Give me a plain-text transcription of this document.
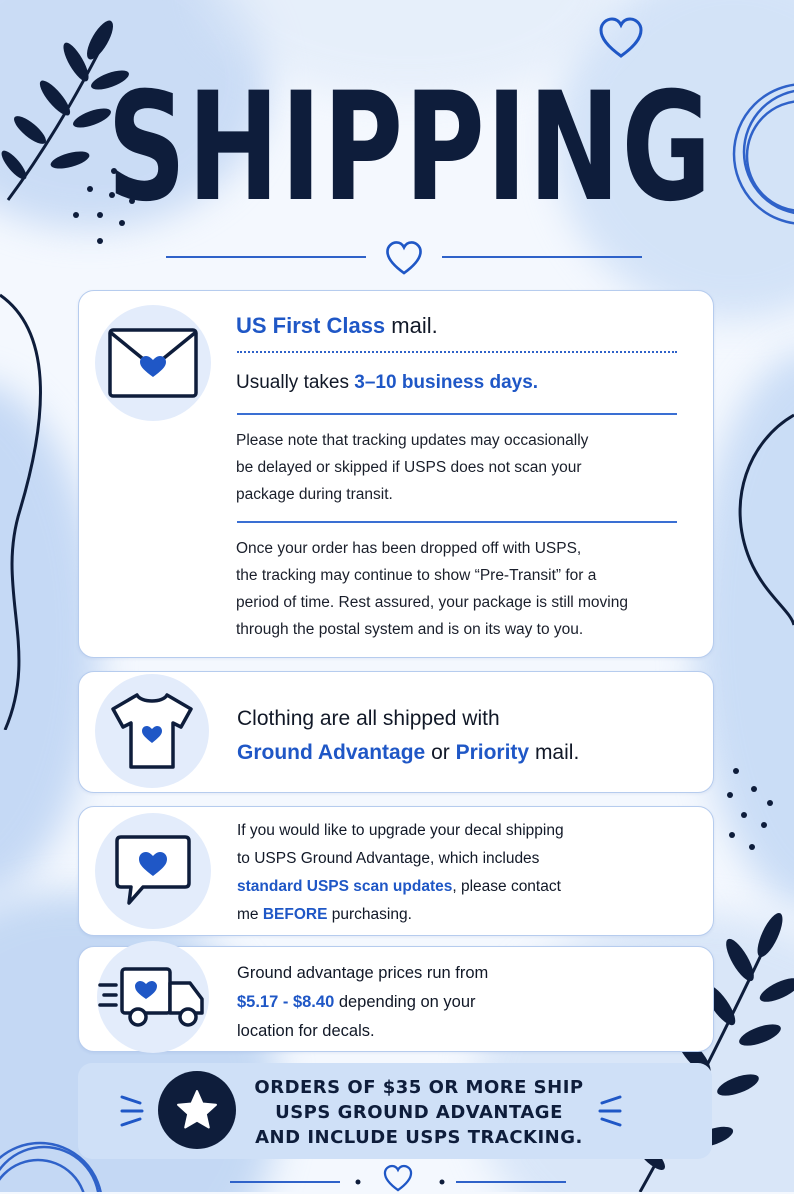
SHIPPING
US First Class mail.
Usually takes 3–10 business days.
Please note that tracking updates may occasionally
be delayed or skipped if USPS does not scan your
package during transit.
Once your order has been dropped off with USPS,
the tracking may continue to show “Pre-Transit” for a
period of time. Rest assured, your package is still moving
through the postal system and is on its way to you.
Clothing are all shipped with
Ground Advantage or Priority mail.
If you would like to upgrade your decal shipping
to USPS Ground Advantage, which includes
standard USPS scan updates, please contact
me BEFORE purchasing.
Ground advantage prices run from
$5.17 - $8.40 depending on your
location for decals.
ORDERS OF $35 OR MORE SHIP
USPS GROUND ADVANTAGE
AND INCLUDE USPS TRACKING.
